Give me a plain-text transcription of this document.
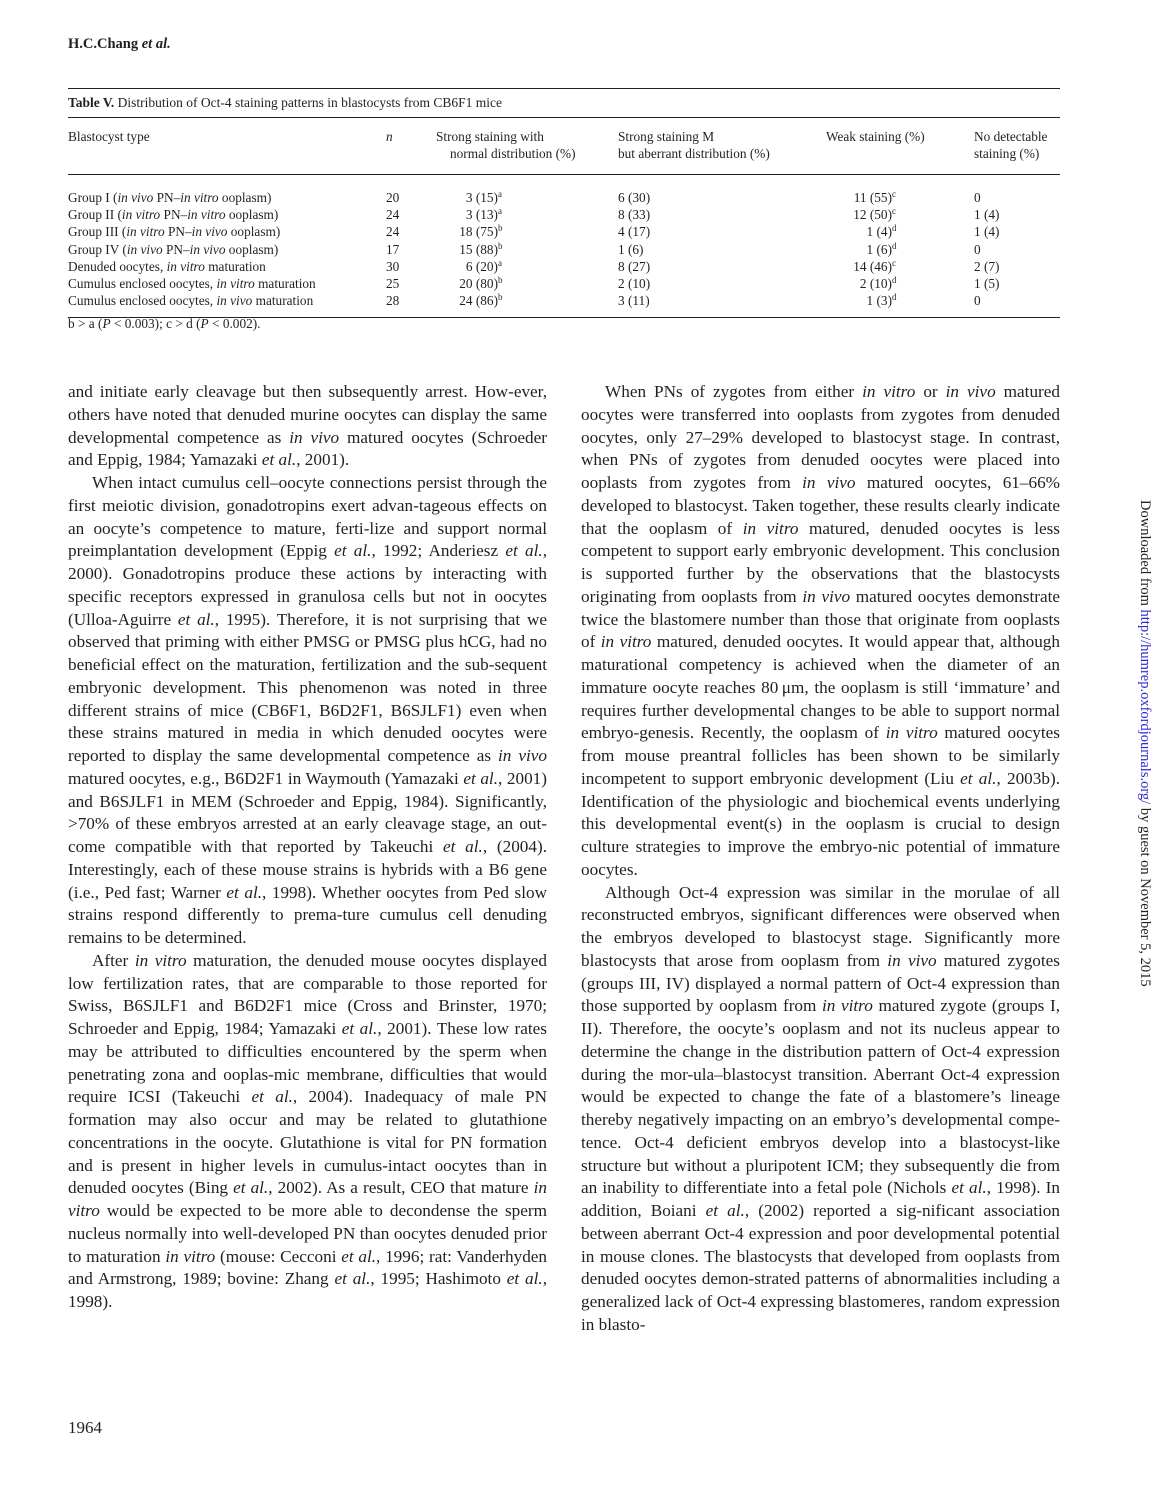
H.C.Chang et al.
Table V. Distribution of Oct-4 staining patterns in blastocysts from CB6F1 mice
Blastocyst type	n	Strong staining with
normal distribution (%)	Strong staining M
but aberrant distribution (%)	Weak staining (%)	No detectable
staining (%)
Group I (in vivo PN–in vitro ooplasm)	20	3 $(15)^a$	6 (30)	11 $(55)^c$	0
Group II (in vitro PN–in vitro ooplasm)	24	3 $(13)^a$	8 (33)	12 $(50)^c$	1 (4)
Group III (in vitro PN–in vivo ooplasm)	24	18 $(75)^b$	4 (17)	1 $(4)^d$	1 (4)
Group IV (in vivo PN–in vivo ooplasm)	17	15 $(88)^b$	1 (6)	1 $(6)^d$	0
Denuded oocytes, in vitro maturation	30	6 $(20)^a$	8 (27)	14 $(46)^c$	2 (7)
Cumulus enclosed oocytes, in vitro maturation	25	20 $(80)^b$	2 (10)	2 $(10)^d$	1 (5)
Cumulus enclosed oocytes, in vivo maturation	28	24 $(86)^b$	3 (11)	1 $(3)^d$	0
b > a (P < 0.003); c > d (P < 0.002).

and initiate early cleavage but then subsequently arrest. How-ever, others have noted that denuded murine oocytes can display the same developmental competence as in vivo matured oocytes (Schroeder and Eppig, 1984; Yamazaki et al., 2001).

When intact cumulus cell–oocyte connections persist through the first meiotic division, gonadotropins exert advan-tageous effects on an oocyte’s competence to mature, ferti-lize and support normal preimplantation development (Eppig et al., 1992; Anderiesz et al., 2000). Gonadotropins produce these actions by interacting with specific receptors expressed in granulosa cells but not in oocytes (Ulloa-Aguirre et al., 1995). Therefore, it is not surprising that we observed that priming with either PMSG or PMSG plus hCG, had no beneficial effect on the maturation, fertilization and the sub-sequent embryonic development. This phenomenon was noted in three different strains of mice (CB6F1, B6D2F1, B6SJLF1) even when these strains matured in media in which denuded oocytes were reported to display the same developmental competence as in vivo matured oocytes, e.g., B6D2F1 in Waymouth (Yamazaki et al., 2001) and B6SJLF1 in MEM (Schroeder and Eppig, 1984). Significantly, >70% of these embryos arrested at an early cleavage stage, an out-come compatible with that reported by Takeuchi et al., (2004). Interestingly, each of these mouse strains is hybrids with a B6 gene (i.e., Ped fast; Warner et al., 1998). Whether oocytes from Ped slow strains respond differently to prema-ture cumulus cell denuding remains to be determined.

After in vitro maturation, the denuded mouse oocytes displayed low fertilization rates, that are comparable to those reported for Swiss, B6SJLF1 and B6D2F1 mice (Cross and Brinster, 1970; Schroeder and Eppig, 1984; Yamazaki et al., 2001). These low rates may be attributed to difficulties encountered by the sperm when penetrating zona and ooplas-mic membrane, difficulties that would require ICSI (Takeuchi et al., 2004). Inadequacy of male PN formation may also occur and may be related to glutathione concentrations in the oocyte. Glutathione is vital for PN formation and is present in higher levels in cumulus-intact oocytes than in denuded oocytes (Bing et al., 2002). As a result, CEO that mature in vitro would be expected to be more able to decondense the sperm nucleus normally into well-developed PN than oocytes denuded prior to maturation in vitro (mouse: Cecconi et al., 1996; rat: Vanderhyden and Armstrong, 1989; bovine: Zhang et al., 1995; Hashimoto et al., 1998).

When PNs of zygotes from either in vitro or in vivo matured oocytes were transferred into ooplasts from zygotes from denuded oocytes, only 27–29% developed to blastocyst stage. In contrast, when PNs of zygotes from denuded oocytes were placed into ooplasts from zygotes from in vivo matured oocytes, 61–66% developed to blastocyst. Taken together, these results clearly indicate that the ooplasm of in vitro matured, denuded oocytes is less competent to support early embryonic development. This conclusion is supported further by the observations that the blastocysts originating from ooplasts from in vivo matured oocytes demonstrate twice the blastomere number than those that originate from ooplasts of in vitro matured, denuded oocytes. It would appear that, although maturational competency is achieved when the diameter of an immature oocyte reaches 80 μm, the ooplasm is still ‘immature’ and requires further developmental changes to be able to support normal embryo-genesis. Recently, the ooplasm of in vitro matured oocytes from mouse preantral follicles has been shown to be similarly incompetent to support embryonic development (Liu et al., 2003b). Identification of the physiologic and biochemical events underlying this developmental event(s) in the ooplasm is crucial to design culture strategies to improve the embryo-nic potential of immature oocytes.

Although Oct-4 expression was similar in the morulae of all reconstructed embryos, significant differences were observed when the embryos developed to blastocyst stage. Significantly more blastocysts that arose from ooplasm from in vivo matured zygotes (groups III, IV) displayed a normal pattern of Oct-4 expression than those supported by ooplasm from in vitro matured zygote (groups I, II). Therefore, the oocyte’s ooplasm and not its nucleus appear to determine the change in the distribution pattern of Oct-4 expression during the mor-ula–blastocyst transition. Aberrant Oct-4 expression would be expected to change the fate of a blastomere’s lineage thereby negatively impacting on an embryo’s developmental compe-tence. Oct-4 deficient embryos develop into a blastocyst-like structure but without a pluripotent ICM; they subsequently die from an inability to differentiate into a fetal pole (Nichols et al., 1998). In addition, Boiani et al., (2002) reported a sig-nificant association between aberrant Oct-4 expression and poor developmental potential in mouse clones. The blastocysts that developed from ooplasts from denuded oocytes demon-strated patterns of abnormalities including a generalized lack of Oct-4 expressing blastomeres, random expression in blasto-

1964
Downloaded from http://humrep.oxfordjournals.org/ by guest on November 5, 2015
